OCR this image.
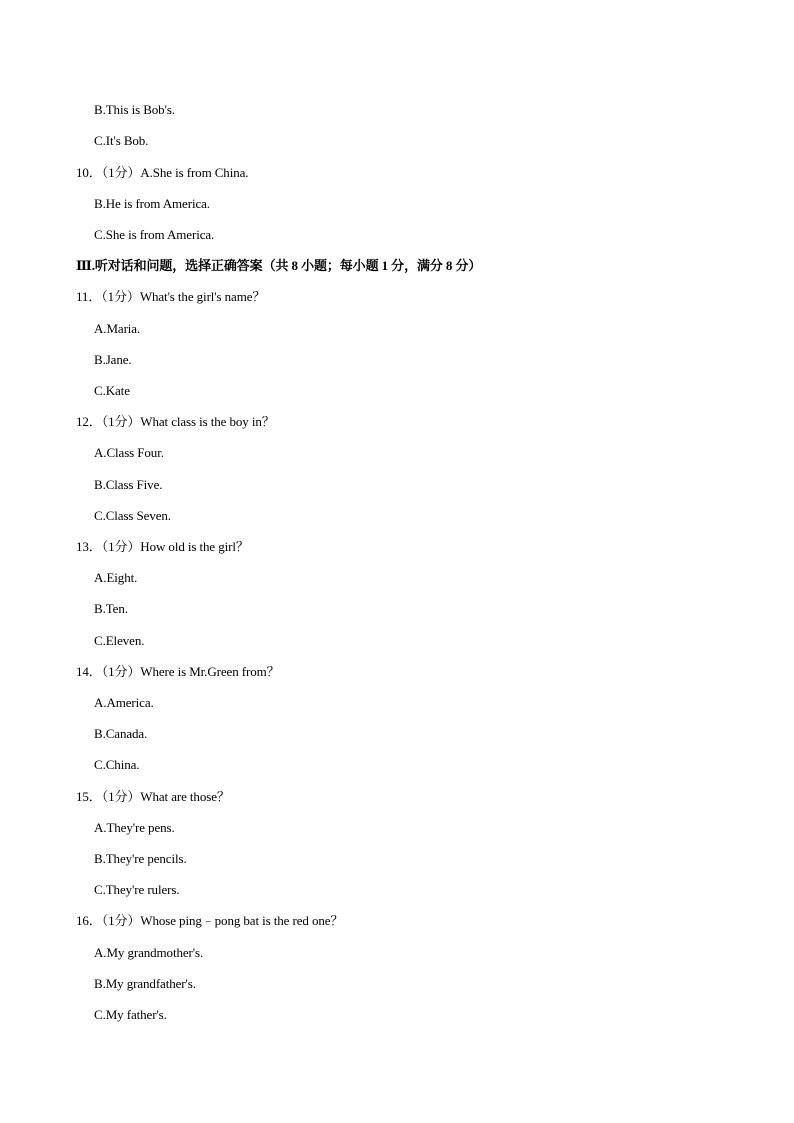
B.This is Bob's.
C.It's Bob.
10．（1分）A.She is from China.
B.He is from America.
C.She is from America.
Ⅲ.听对话和问题，选择正确答案（共 8 小题；每小题 1 分，满分 8 分）
11．（1分）What's the girl's name？
A.Maria.
B.Jane.
C.Kate
12．（1分）What class is the boy in？
A.Class Four.
B.Class Five.
C.Class Seven.
13．（1分）How old is the girl？
A.Eight.
B.Ten.
C.Eleven.
14．（1分）Where is Mr.Green from？
A.America.
B.Canada.
C.China.
15．（1分）What are those？
A.They're pens.
B.They're pencils.
C.They're rulers.
16．（1分）Whose ping﹣pong bat is the red one？
A.My grandmother's.
B.My grandfather's.
C.My father's.
